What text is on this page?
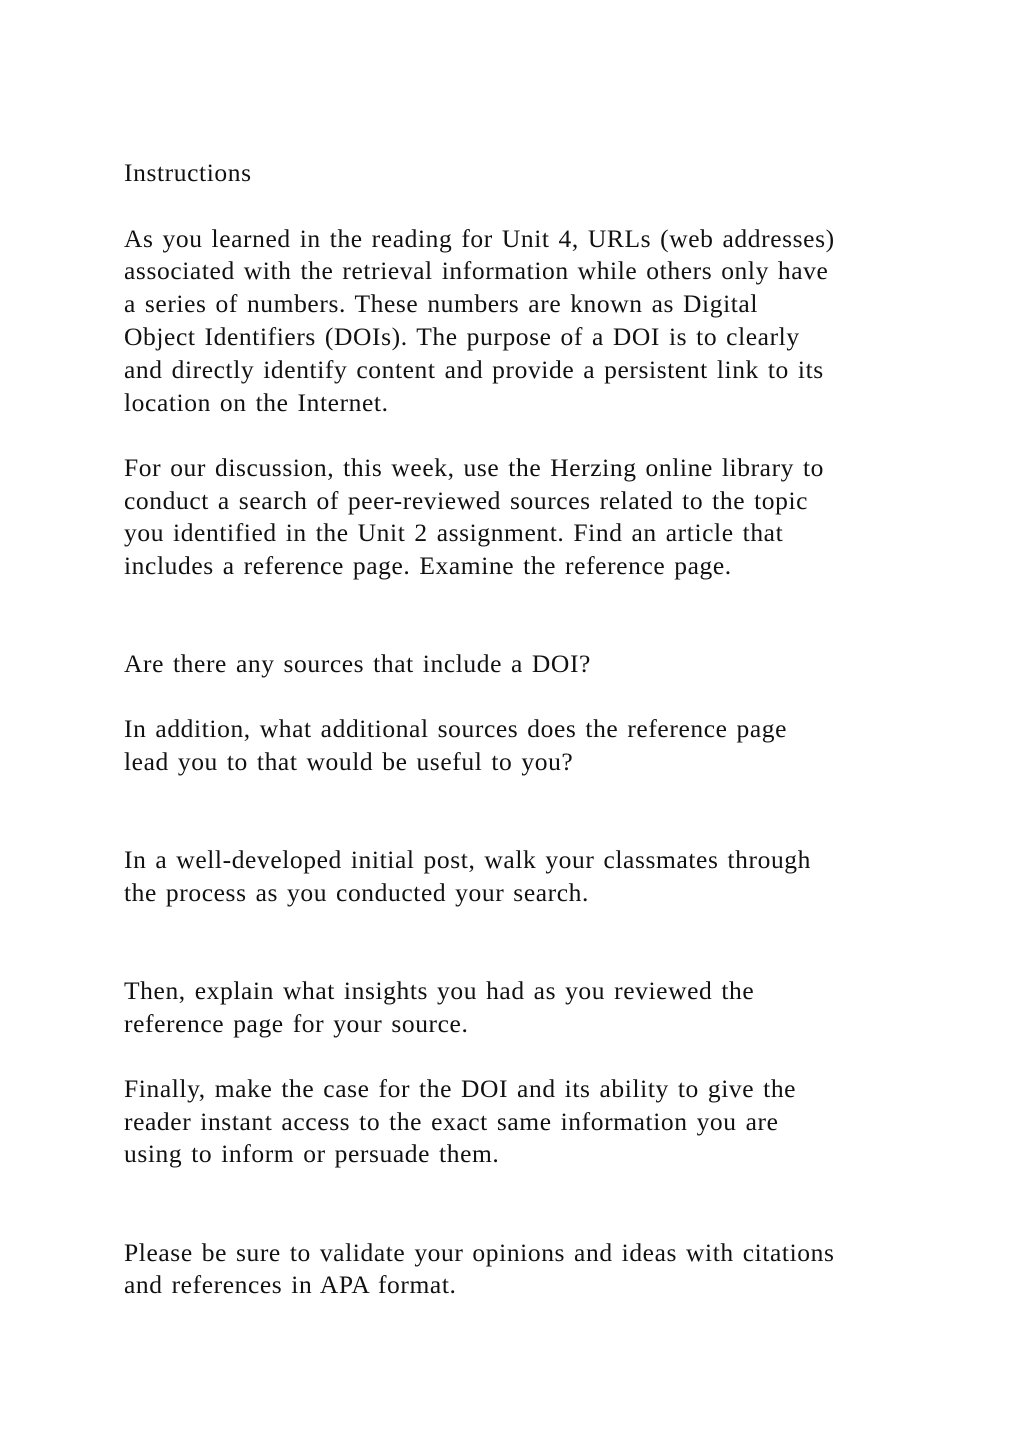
Instructions
As you learned in the reading for Unit 4, URLs (web addresses)
associated with the retrieval information while others only have
a series of numbers. These numbers are known as Digital
Object Identifiers (DOIs). The purpose of a DOI is to clearly
and directly identify content and provide a persistent link to its
location on the Internet.
For our discussion, this week, use the Herzing online library to
conduct a search of peer-reviewed sources related to the topic
you identified in the Unit 2 assignment. Find an article that
includes a reference page. Examine the reference page.
Are there any sources that include a DOI?
In addition, what additional sources does the reference page
lead you to that would be useful to you?
In a well-developed initial post, walk your classmates through
the process as you conducted your search.
Then, explain what insights you had as you reviewed the
reference page for your source.
Finally, make the case for the DOI and its ability to give the
reader instant access to the exact same information you are
using to inform or persuade them.
Please be sure to validate your opinions and ideas with citations
and references in APA format.
